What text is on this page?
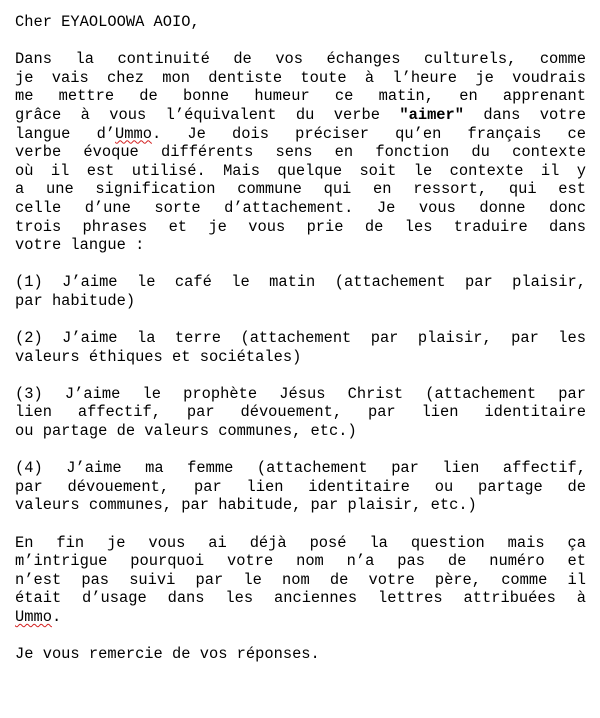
Cher EYAOLOOWA AOIO,
Dans la continuité de vos échanges culturels, comme
je vais chez mon dentiste toute à l’heure je voudrais
me mettre de bonne humeur ce matin, en apprenant
grâce à vous l’équivalent du verbe "aimer" dans votre
langue d’Ummo. Je dois préciser qu’en français ce
verbe évoque différents sens en fonction du contexte
où il est utilisé. Mais quelque soit le contexte il y
a une signification commune qui en ressort, qui est
celle d’une sorte d’attachement. Je vous donne donc
trois phrases et je vous prie de les traduire dans
votre langue :
(1) J’aime le café le matin (attachement par plaisir,
par habitude)
(2) J’aime la terre (attachement par plaisir, par les
valeurs éthiques et sociétales)
(3) J’aime le prophète Jésus Christ (attachement par
lien affectif, par dévouement, par lien identitaire
ou partage de valeurs communes, etc.)
(4) J’aime ma femme (attachement par lien affectif,
par dévouement, par lien identitaire ou partage de
valeurs communes, par habitude, par plaisir, etc.)
En fin je vous ai déjà posé la question mais ça
m’intrigue pourquoi votre nom n’a pas de numéro et
n’est pas suivi par le nom de votre père, comme il
était d’usage dans les anciennes lettres attribuées à
Ummo.
Je vous remercie de vos réponses.
